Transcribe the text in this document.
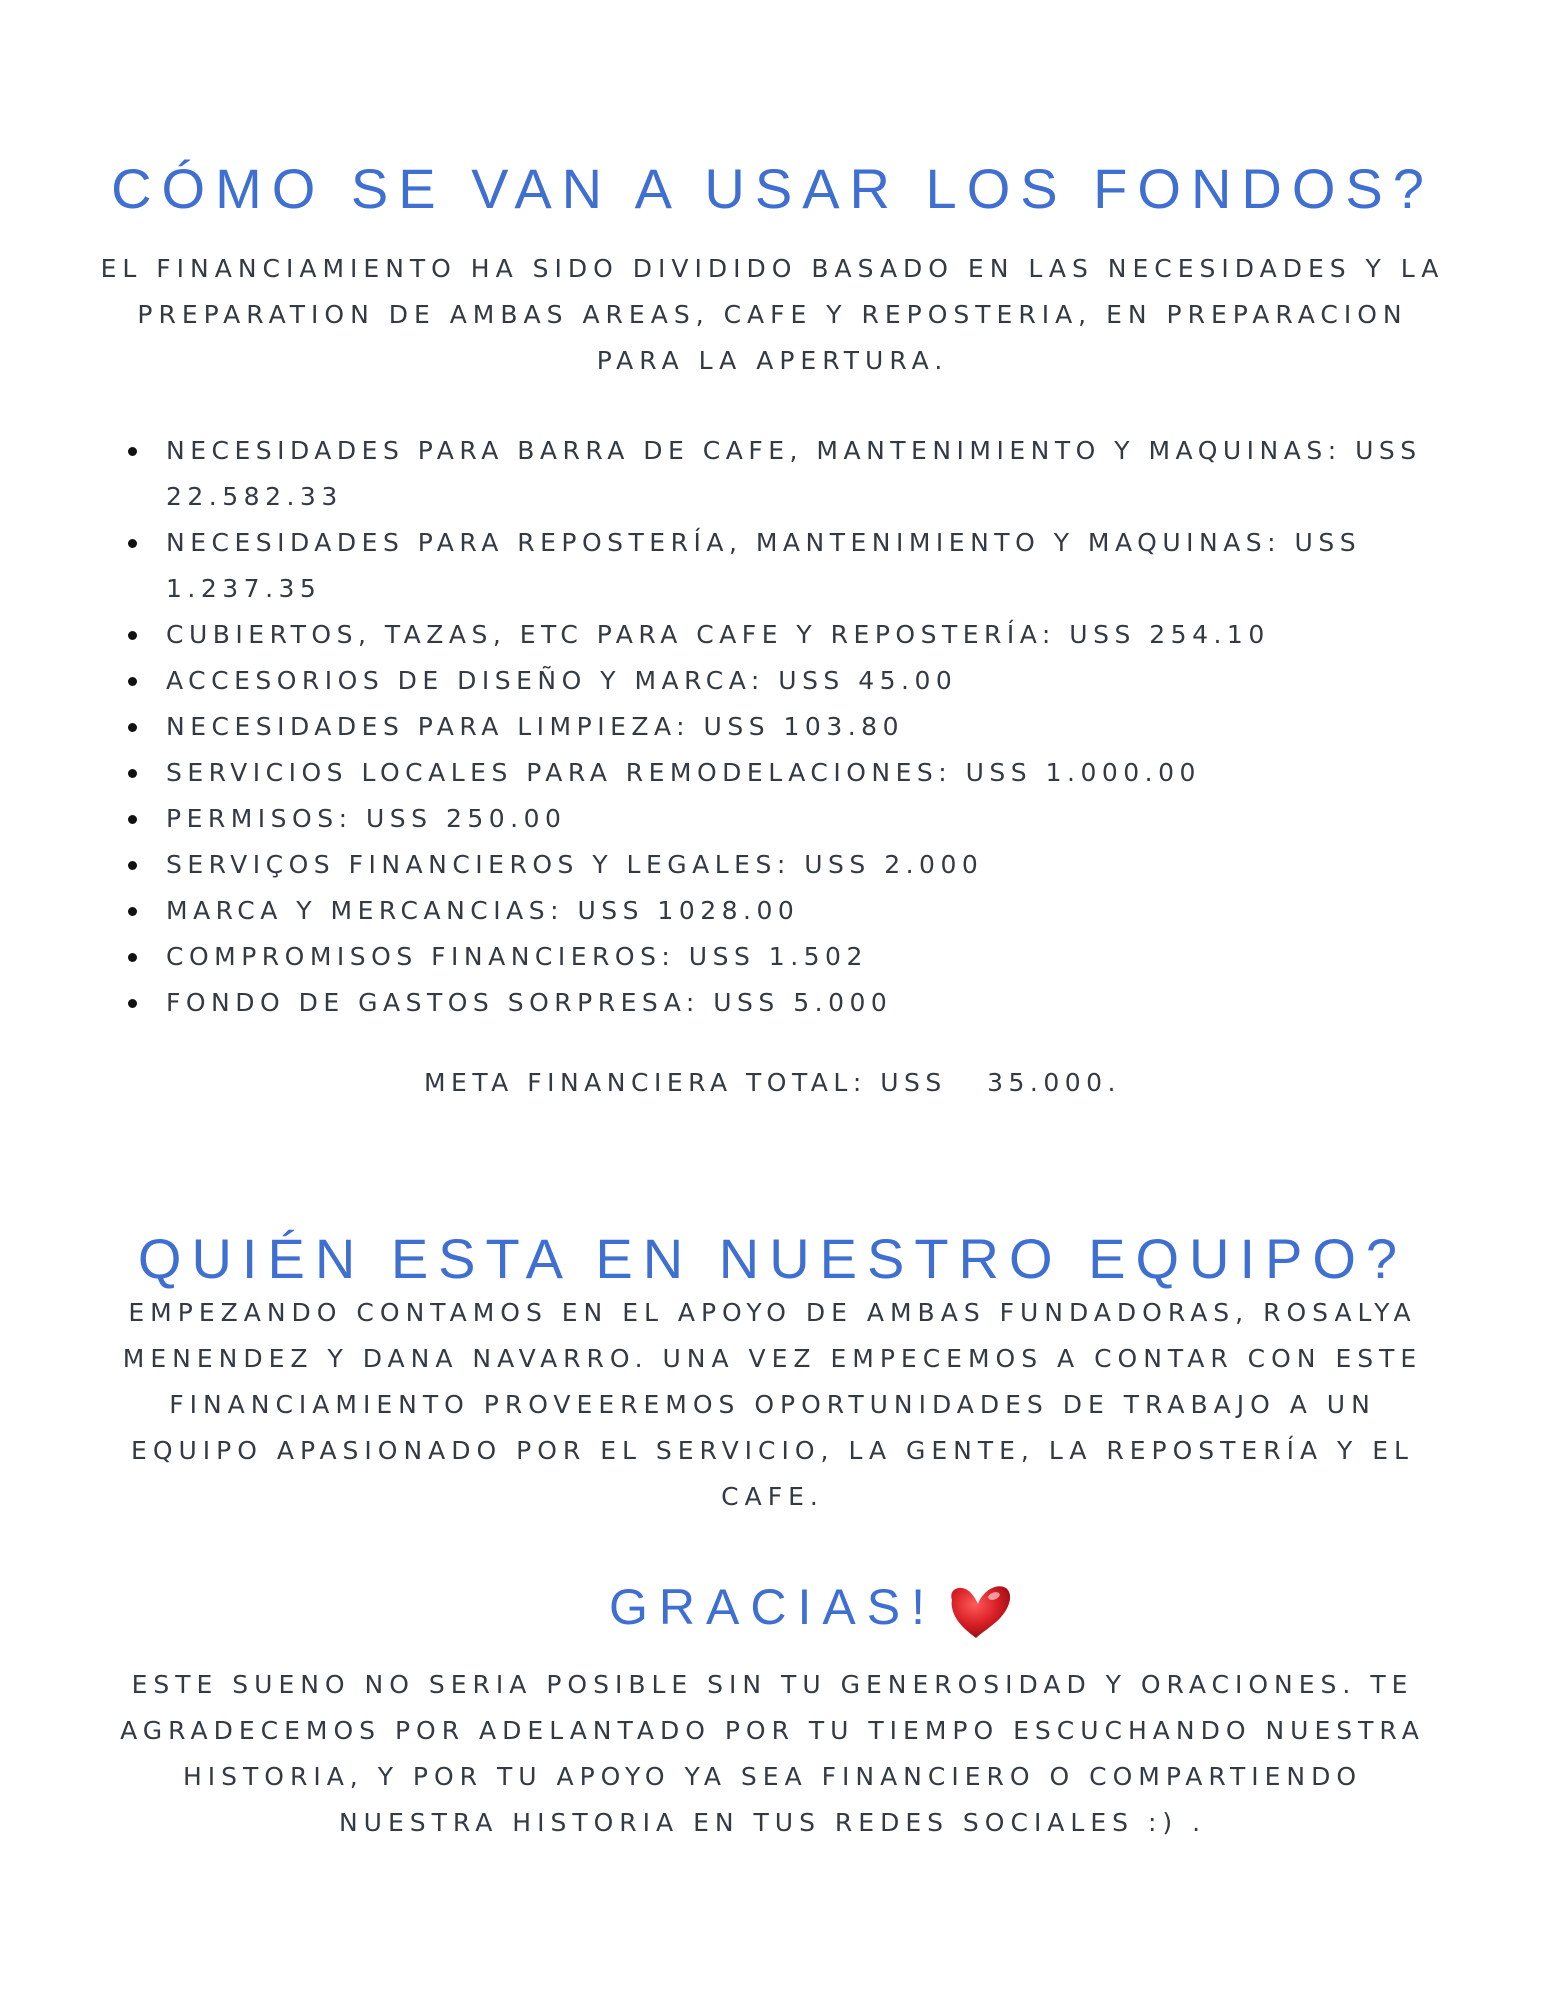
CÓMO SE VAN A USAR LOS FONDOS?
EL FINANCIAMIENTO HA SIDO DIVIDIDO BASADO EN LAS NECESIDADES Y LA PREPARATION DE AMBAS AREAS, CAFE Y REPOSTERIA, EN PREPARACION PARA LA APERTURA.
NECESIDADES PARA BARRA DE CAFE, MANTENIMIENTO Y MAQUINAS: USS 22.582.33
NECESIDADES PARA REPOSTERÍA, MANTENIMIENTO Y MAQUINAS: USS 1.237.35
CUBIERTOS, TAZAS, ETC PARA CAFE Y REPOSTERÍA: USS 254.10
ACCESORIOS DE DISEÑO Y MARCA: USS 45.00
NECESIDADES PARA LIMPIEZA: USS 103.80
SERVICIOS LOCALES PARA REMODELACIONES: USS 1.000.00
PERMISOS: USS 250.00
SERVIÇOS FINANCIEROS Y LEGALES: USS 2.000
MARCA Y MERCANCIAS: USS 1028.00
COMPROMISOS FINANCIEROS: USS 1.502
FONDO DE GASTOS SORPRESA: USS 5.000
META FINANCIERA TOTAL: USS   35.000.
QUIÉN ESTA EN NUESTRO EQUIPO?
EMPEZANDO CONTAMOS EN EL APOYO DE AMBAS FUNDADORAS, ROSALYA MENENDEZ Y DANA NAVARRO. UNA VEZ EMPECEMOS A CONTAR CON ESTE FINANCIAMIENTO PROVEEREMOS OPORTUNIDADES DE TRABAJO A UN EQUIPO APASIONADO POR EL SERVICIO, LA GENTE, LA REPOSTERÍA Y EL CAFE.
GRACIAS!
ESTE SUENO NO SERIA POSIBLE SIN TU GENEROSIDAD Y ORACIONES. TE AGRADECEMOS POR ADELANTADO POR TU TIEMPO ESCUCHANDO NUESTRA HISTORIA, Y POR TU APOYO YA SEA FINANCIERO O COMPARTIENDO NUESTRA HISTORIA EN TUS REDES SOCIALES :) .
